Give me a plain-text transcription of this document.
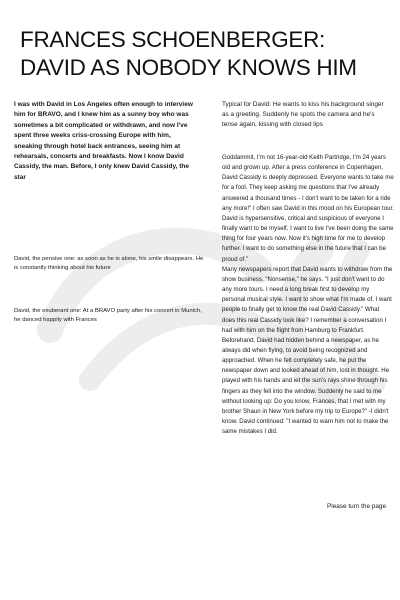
FRANCES SCHOENBERGER:
DAVID AS NOBODY KNOWS HIM

I was with David in Los Angeles often enough to interview him for BRAVO, and I knew him as a sunny boy who was sometimes a bit complicated or withdrawn, and now I've spent three weeks criss-crossing Europe with him, sneaking through hotel back entrances, seeing him at rehearsals, concerts and breakfasts. Now I know David Cassidy, the man. Before, I only knew David Cassidy, the star

David, the pensive one: as soon as he is alone, his smile disappears. He is constantly thinking about his future

David, the exuberant one: At a BRAVO party after his concert in Munich, he danced happily with Frances

Typical for David: He wants to kiss his background singer as a greeting. Suddenly he spots the camera and he's tense again, kissing with closed lips

Goddammit, I'm not 16-year-old Keith Partridge, I'm 24 years old and grown up. After a press conference in Copenhagen, David Cassidy is deeply depressed. Everyone wants to take me for a fool. They keep asking me questions that I've already answered a thousand times - I don't want to be taken for a ride any more!" I often saw David in this mood on his European tour. David is hypersensitive, critical and suspicious of everyone I finally want to be myself, I want to live I've been doing the same thing for four years now. Now it's high time for me to develop further. I want to do something else in the future that I can be proud of."

Many newspapers report that David wants to withdraw from the show business. "Nonsense," he says. "I just don't want to do any more tours. I need a long break first to develop my personal musical style. I want to show what I'm made of. I want people to finally get to know the real David Cassidy." What does this real Cassidy look like? I remember a conversation I had with him on the flight from Hamburg to Frankfurt. Beforehand, David had hidden behind a newspaper, as he always did when flying, to avoid being recognized and approached. When he felt completely safe, he put the newspaper down and looked ahead of him, lost in thought. He played with his hands and let the sun's rays shine through his fingers as they fell into the window. Suddenly he said to me without looking up: Do you know, Frances, that I met with my brother Shaun in New York before my trip to Europe?" -I didn't know. David continued: "I wanted to warn him not to make the same mistakes I did.

Please turn the page
